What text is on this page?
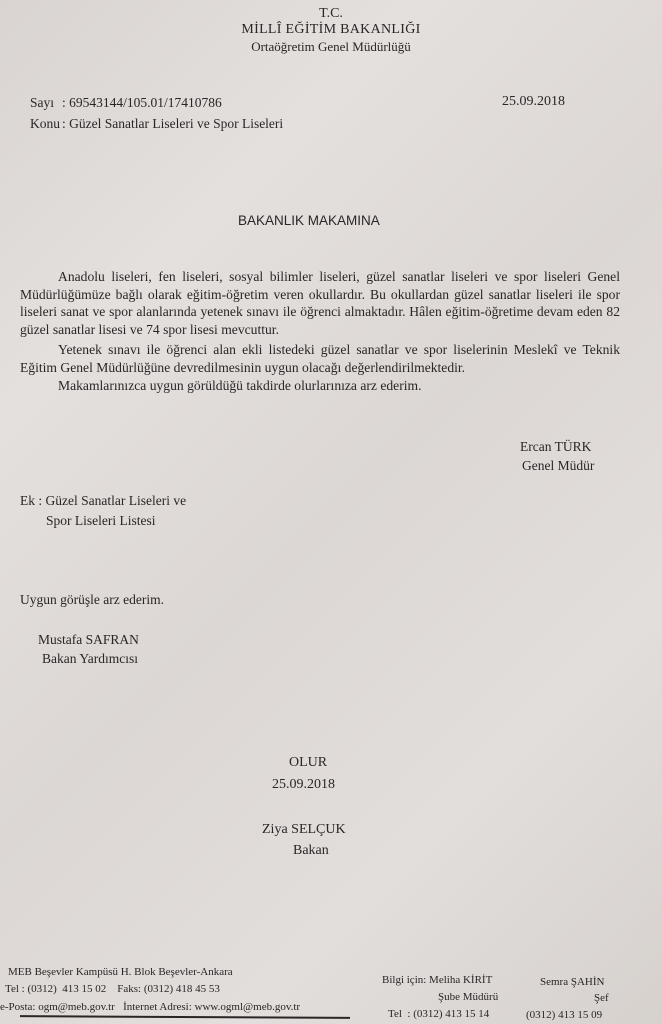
T.C.
MİLLÎ EĞİTİM BAKANLIĞI
Ortaöğretim Genel Müdürlüğü
Sayı : 69543144/105.01/17410786	25.09.2018
Konu : Güzel Sanatlar Liseleri ve Spor Liseleri
BAKANLIK MAKAMINA
Anadolu liseleri, fen liseleri, sosyal bilimler liseleri, güzel sanatlar liseleri ve spor liseleri Genel Müdürlüğümüze bağlı olarak eğitim-öğretim veren okullardır. Bu okullardan güzel sanatlar liseleri ile spor liseleri sanat ve spor alanlarında yetenek sınavı ile öğrenci almaktadır. Hâlen eğitim-öğretime devam eden 82 güzel sanatlar lisesi ve 74 spor lisesi mevcuttur.
Yetenek sınavı ile öğrenci alan ekli listedeki güzel sanatlar ve spor liselerinin Meslekî ve Teknik Eğitim Genel Müdürlüğüne devredilmesinin uygun olacağı değerlendirilmektedir.
Makamlarınızca uygun görüldüğü takdirde olurlarınıza arz ederim.
Ercan TÜRK
Genel Müdür
Ek : Güzel Sanatlar Liseleri ve
Spor Liseleri Listesi
Uygun görüşle arz ederim.
Mustafa SAFRAN
Bakan Yardımcısı
OLUR
25.09.2018
Ziya SELÇUK
Bakan
MEB Beşevler Kampüsü H. Blok Beşevler-Ankara
Tel : (0312)  413 15 02    Faks: (0312) 418 45 53
e-Posta: ogm@meb.gov.tr   İnternet Adresi: www.ogml@meb.gov.tr
Bilgi için: Meliha KİRİT
Şube Müdürü
Tel  : (0312) 413 15 14
Semra ŞAHİN
Şef
(0312) 413 15 09
